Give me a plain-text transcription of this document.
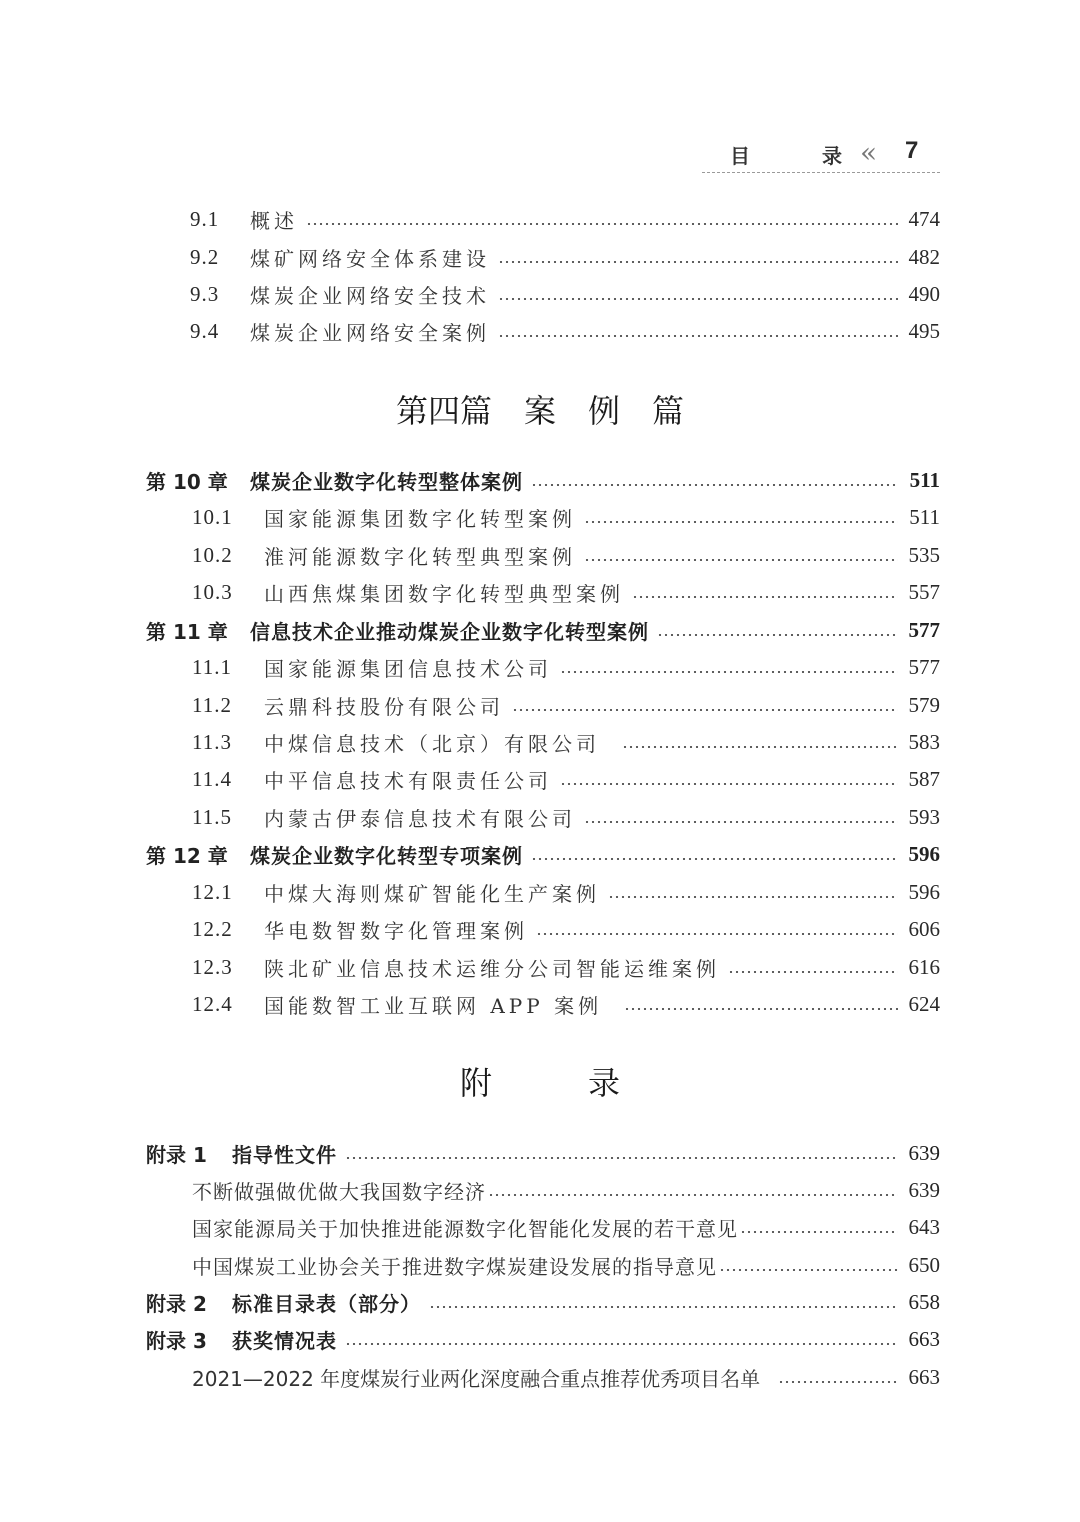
目	录 « 7
9.1	概述	474
9.2	煤矿网络安全体系建设	482
9.3	煤炭企业网络安全技术	490
9.4	煤炭企业网络安全案例	495
第四篇　案　例　篇
第 10 章	煤炭企业数字化转型整体案例	511
10.1	国家能源集团数字化转型案例	511
10.2	淮河能源数字化转型典型案例	535
10.3	山西焦煤集团数字化转型典型案例	557
第 11 章	信息技术企业推动煤炭企业数字化转型案例	577
11.1	国家能源集团信息技术公司	577
11.2	云鼎科技股份有限公司	579
11.3	中煤信息技术（北京）有限公司	583
11.4	中平信息技术有限责任公司	587
11.5	内蒙古伊泰信息技术有限公司	593
第 12 章	煤炭企业数字化转型专项案例	596
12.1	中煤大海则煤矿智能化生产案例	596
12.2	华电数智数字化管理案例	606
12.3	陕北矿业信息技术运维分公司智能运维案例	616
12.4	国能数智工业互联网 APP 案例	624
附　　　录
附录 1	指导性文件	639
不断做强做优做大我国数字经济	639
国家能源局关于加快推进能源数字化智能化发展的若干意见	643
中国煤炭工业协会关于推进数字煤炭建设发展的指导意见	650
附录 2	标准目录表（部分）	658
附录 3	获奖情况表	663
2021—2022 年度煤炭行业两化深度融合重点推荐优秀项目名单	663
